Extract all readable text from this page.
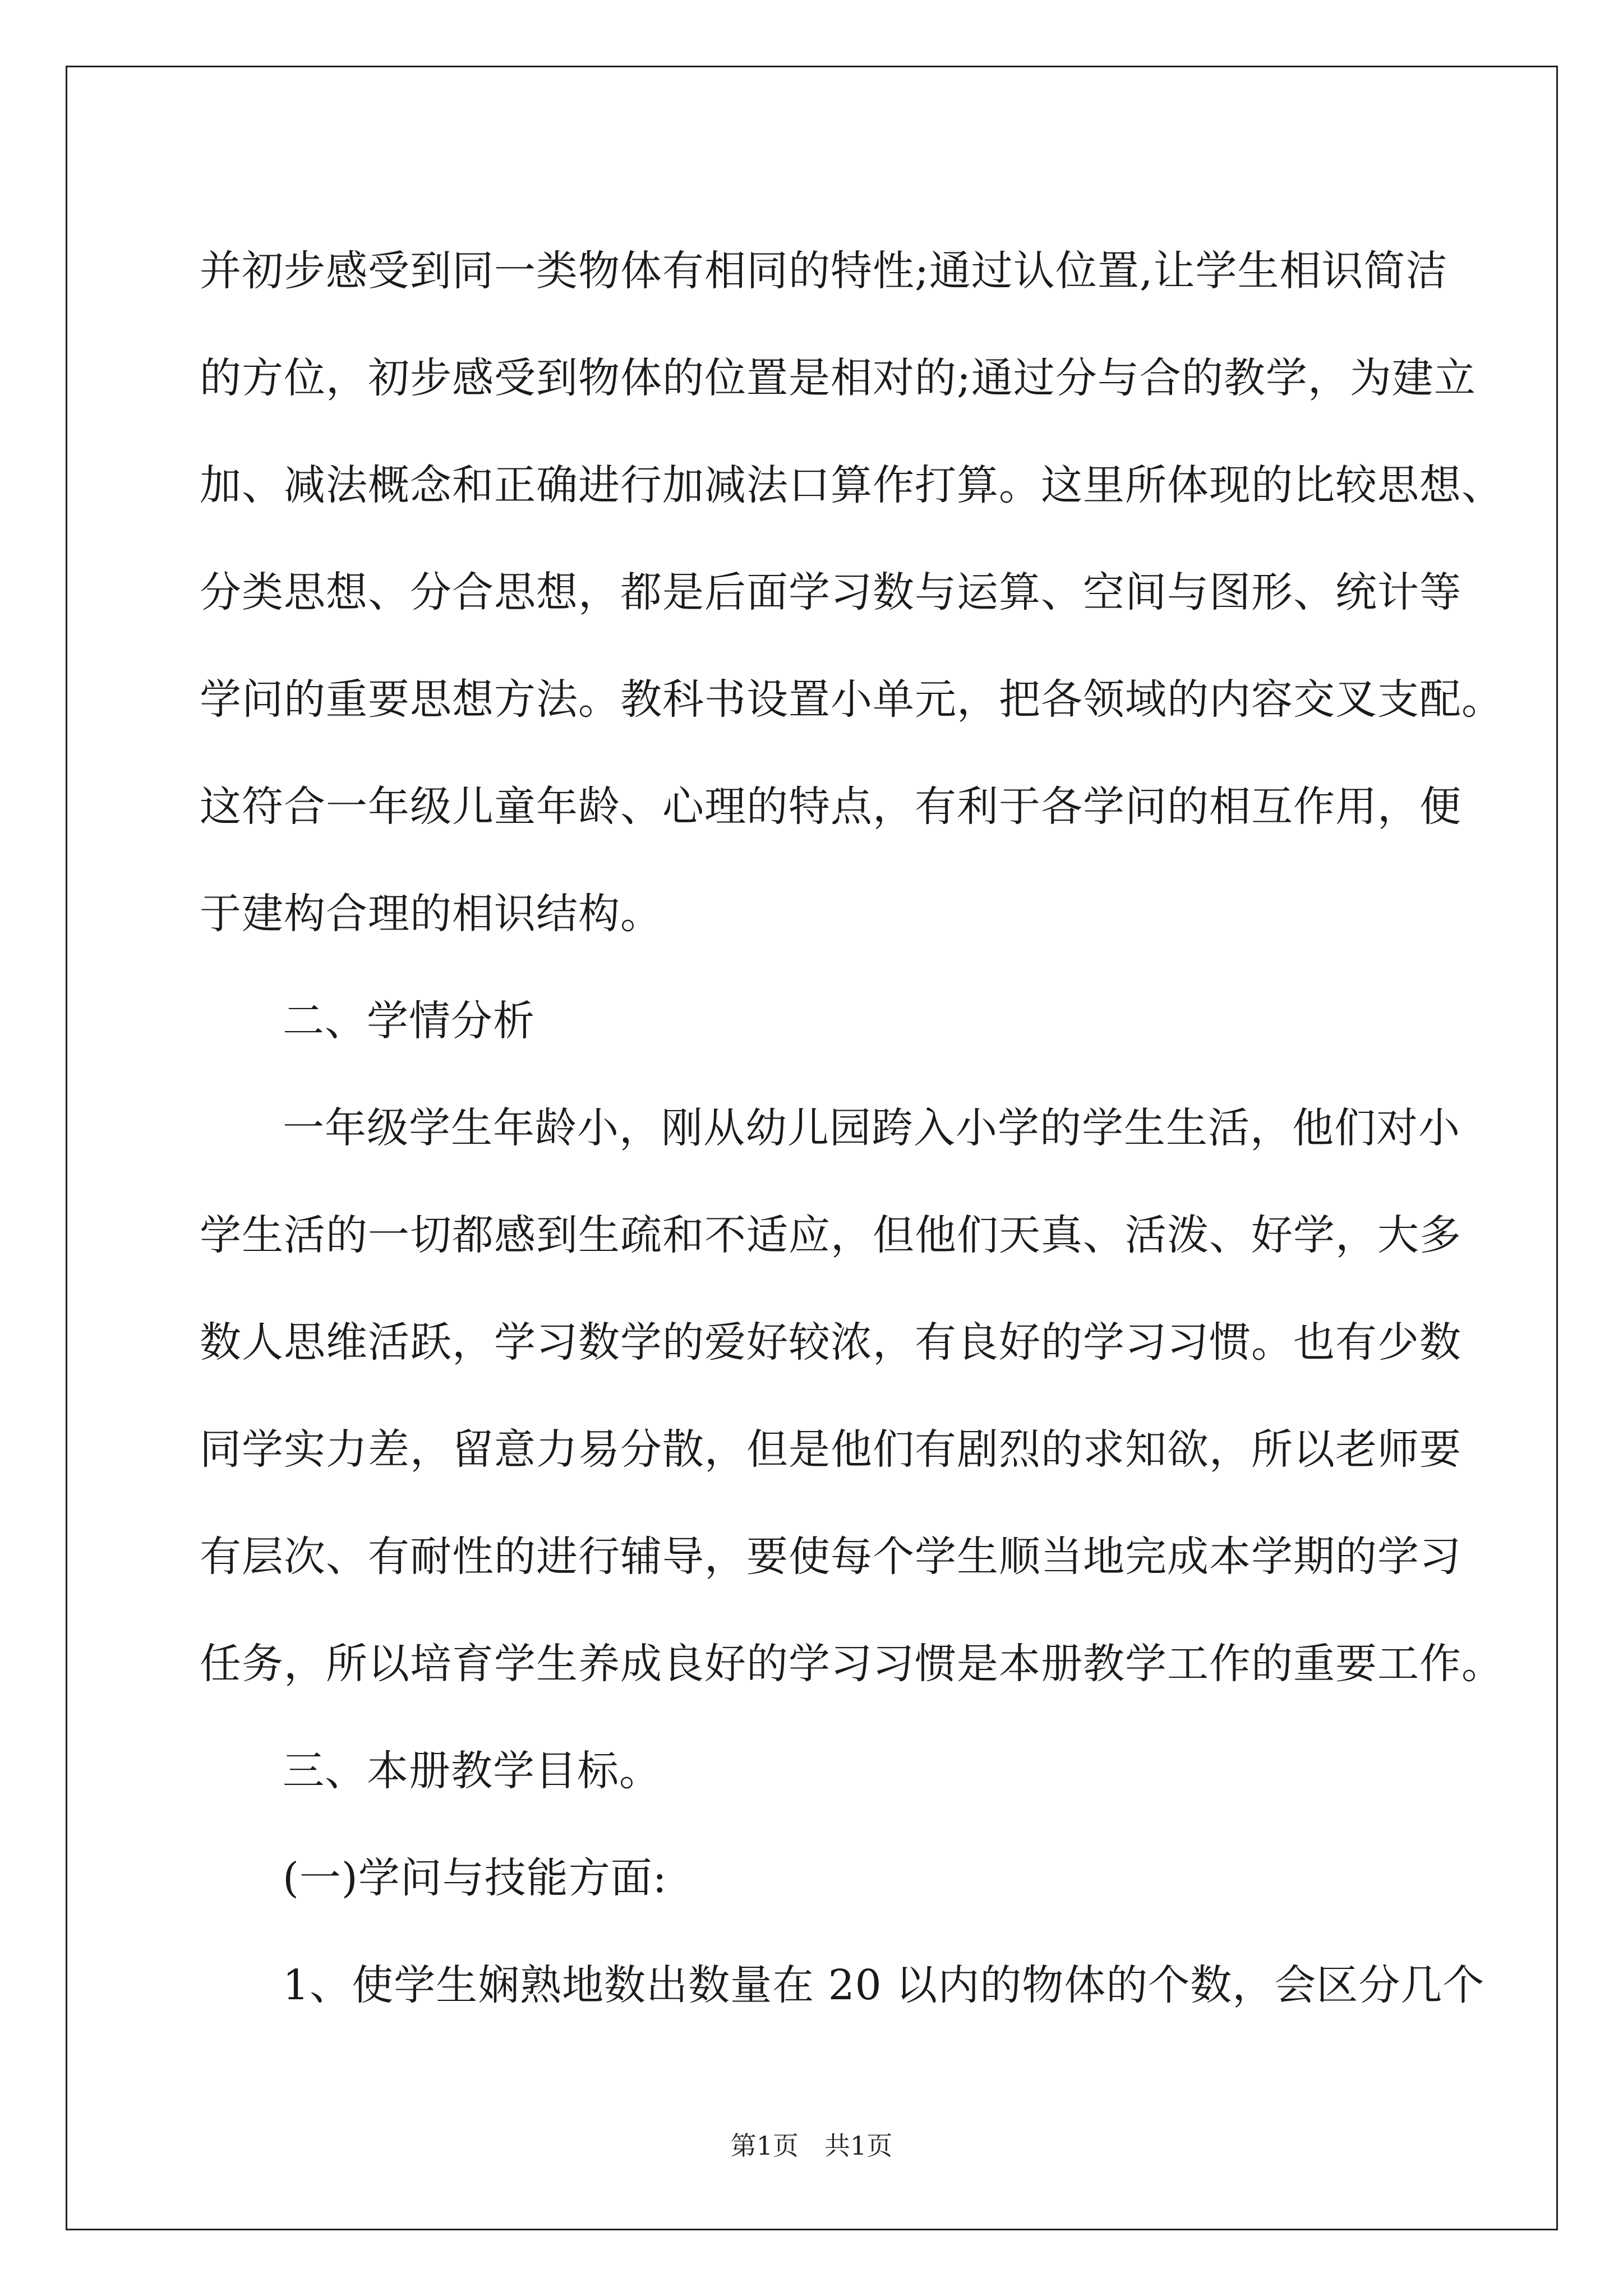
并初步感受到同一类物体有相同的特性;通过认位置,让学生相识简洁
的方位，初步感受到物体的位置是相对的;通过分与合的教学，为建立
加、减法概念和正确进行加减法口算作打算。这里所体现的比较思想、
分类思想、分合思想，都是后面学习数与运算、空间与图形、统计等
学问的重要思想方法。教科书设置小单元，把各领域的内容交叉支配。
这符合一年级儿童年龄、心理的特点，有利于各学问的相互作用，便
于建构合理的相识结构。
二、学情分析
一年级学生年龄小，刚从幼儿园跨入小学的学生生活，他们对小
学生活的一切都感到生疏和不适应，但他们天真、活泼、好学，大多
数人思维活跃，学习数学的爱好较浓，有良好的学习习惯。也有少数
同学实力差，留意力易分散，但是他们有剧烈的求知欲，所以老师要
有层次、有耐性的进行辅导，要使每个学生顺当地完成本学期的学习
任务，所以培育学生养成良好的学习习惯是本册教学工作的重要工作。
三、本册教学目标。
(一)学问与技能方面:
1、使学生娴熟地数出数量在 20 以内的物体的个数，会区分几个
第1页　共1页
